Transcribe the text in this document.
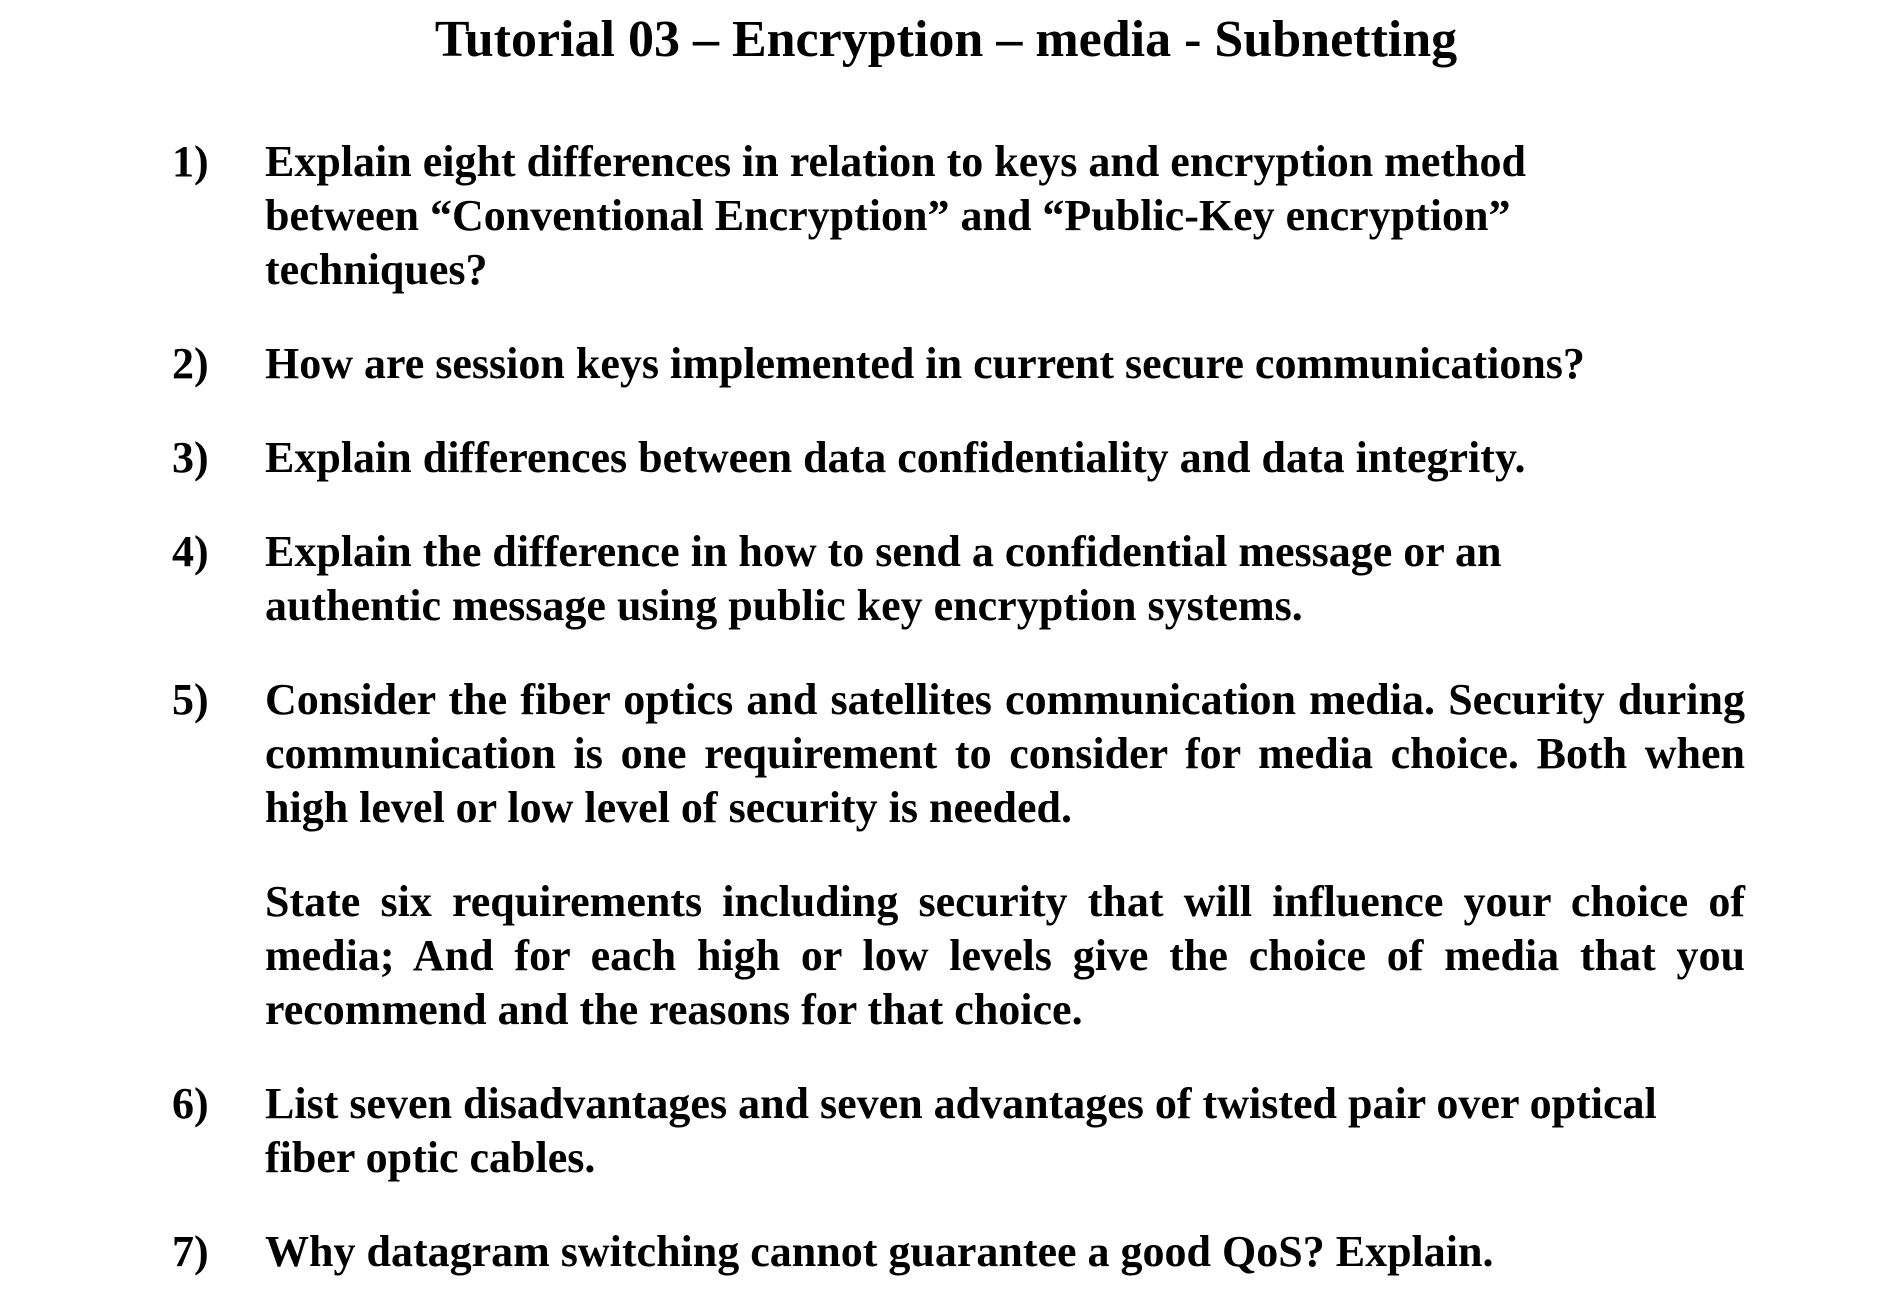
Tutorial 03 – Encryption – media - Subnetting
1) Explain eight differences in relation to keys and encryption method between “Conventional Encryption” and “Public-Key encryption” techniques?
2) How are session keys implemented in current secure communications?
3) Explain differences between data confidentiality and data integrity.
4) Explain the difference in how to send a confidential message or an authentic message using public key encryption systems.
5) Consider the fiber optics and satellites communication media. Security during communication is one requirement to consider for media choice. Both when high level or low level of security is needed.
State six requirements including security that will influence your choice of media; And for each high or low levels give the choice of media that you recommend and the reasons for that choice.
6) List seven disadvantages and seven advantages of twisted pair over optical fiber optic cables.
7) Why datagram switching cannot guarantee a good QoS? Explain.
